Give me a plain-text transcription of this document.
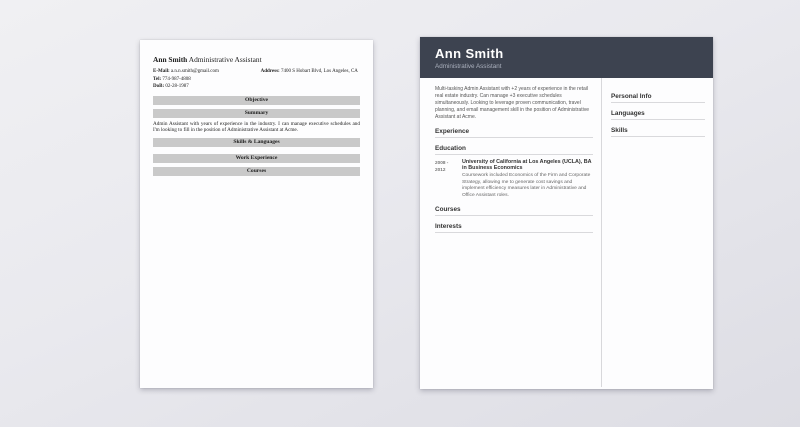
Ann Smith Administrative Assistant
E-Mail: a.n.n.smith@gmail.com
Tel: 774-987-4808
DoB: 02-28-1987
Address: 7400 S Hobart Blvd, Los Angeles, CA
Objective
Summary
Admin Assistant with years of experience in the industry. I can manage executive schedules and I'm looking to fill in the position of Administrative Assistant at Acme.
Skills & Languages
Work Experience
Courses
Ann Smith
Administrative Assistant
Multi-tasking Admin Assistant with +2 years of experience in the retail real estate industry. Can manage +3 executive schedules simultaneously. Looking to leverage proven communication, travel planning, and email management skill in the position of Administrative Assistant at Acme.
Experience
Education
2008 -
2012
University of California at Los Angeles (UCLA), BA in Business Economics
Coursework included Economics of the Firm and Corporate Strategy, allowing me to generate cost savings and implement efficiency measures later in Administrative and Office Assistant roles.
Courses
Interests
Personal Info
Languages
Skills
